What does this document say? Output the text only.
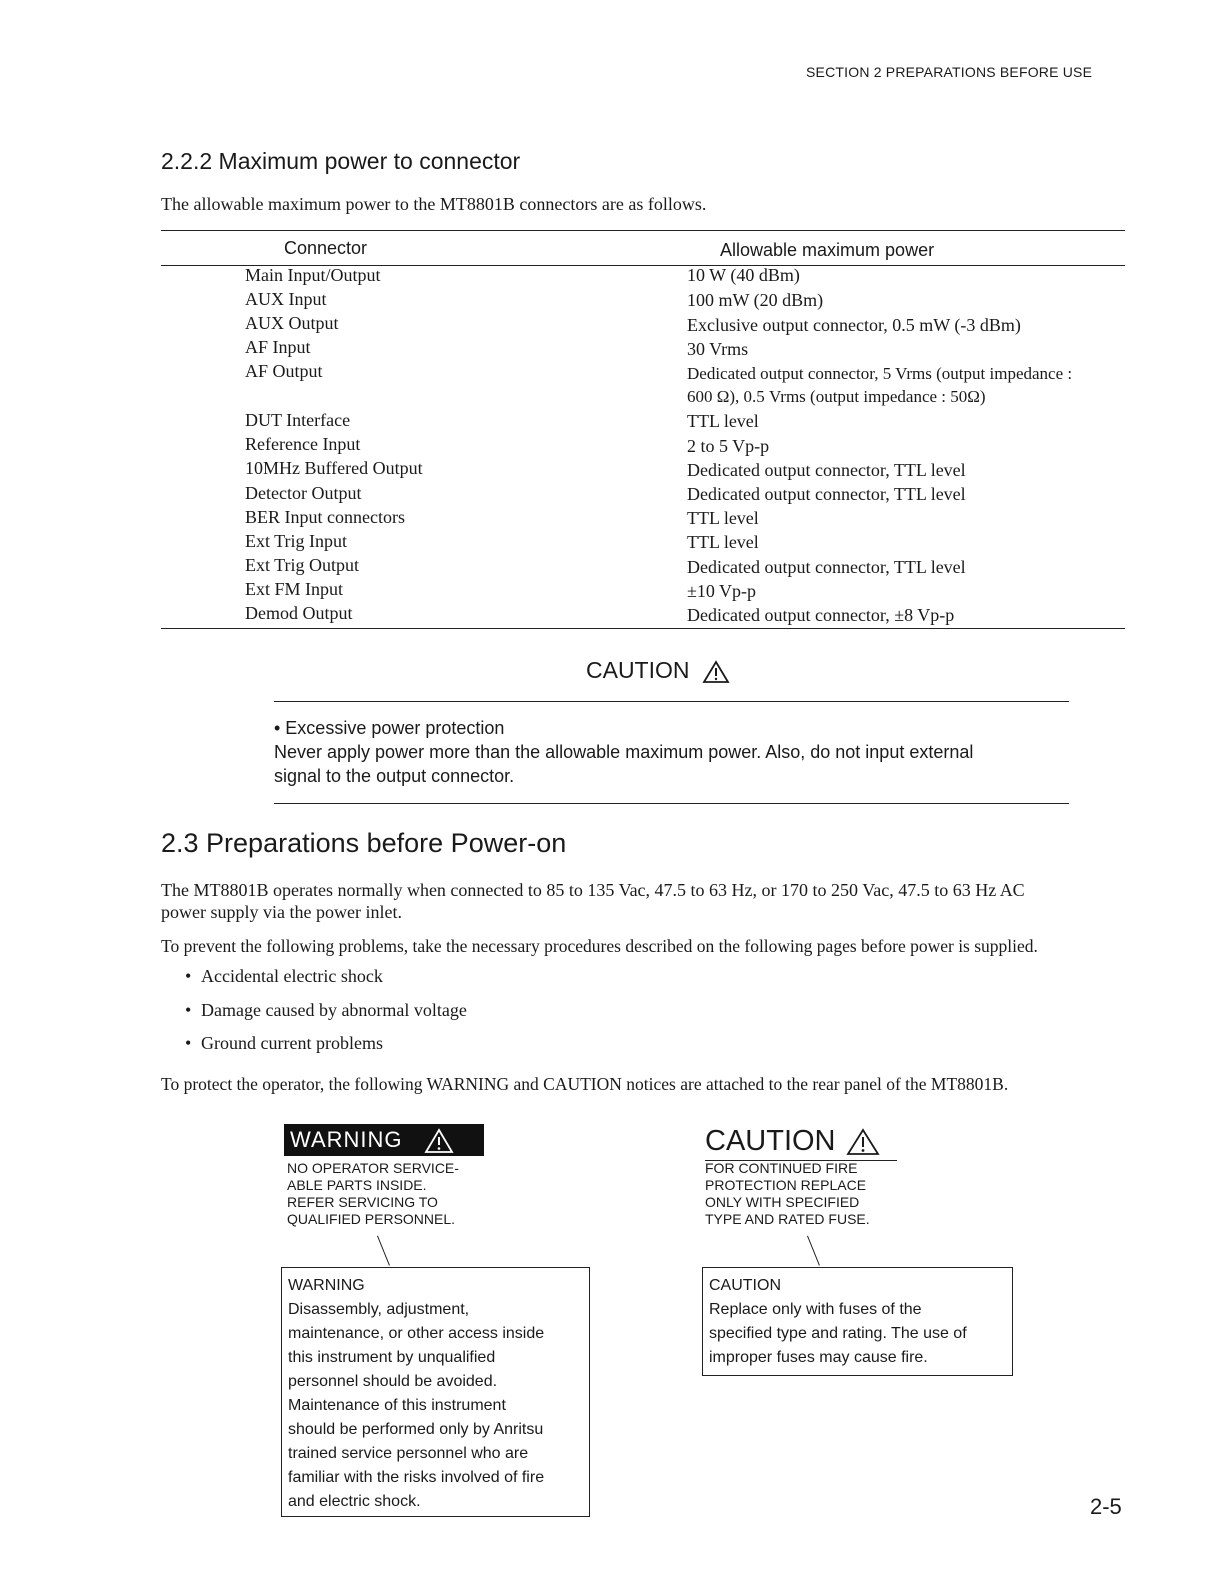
SECTION 2 PREPARATIONS BEFORE USE
2.2.2 Maximum power to connector
The allowable maximum power to the MT8801B connectors are as follows.
Connector	Allowable maximum power
Main Input/Output	10 W (40 dBm)
AUX Input	100 mW (20 dBm)
AUX Output	Exclusive output connector, 0.5 mW (-3 dBm)
AF Input	30 Vrms
AF Output	Dedicated output connector, 5 Vrms (output impedance :
600 Ω), 0.5 Vrms (output impedance : 50Ω)
DUT Interface	TTL level
Reference Input	2 to 5 Vp-p
10MHz Buffered Output	Dedicated output connector, TTL level
Detector Output	Dedicated output connector, TTL level
BER Input connectors	TTL level
Ext Trig Input	TTL level
Ext Trig Output	Dedicated output connector, TTL level
Ext FM Input	±10 Vp-p
Demod Output	Dedicated output connector, ±8 Vp-p
CAUTION
• Excessive power protection
Never apply power more than the allowable maximum power. Also, do not input external
signal to the output connector.
2.3 Preparations before Power-on
The MT8801B operates normally when connected to 85 to 135 Vac, 47.5 to 63 Hz, or 170 to 250 Vac, 47.5 to 63 Hz AC
power supply via the power inlet.
To prevent the following problems, take the necessary procedures described on the following pages before power is supplied.
• Accidental electric shock
• Damage caused by abnormal voltage
• Ground current problems
To protect the operator, the following WARNING and CAUTION notices are attached to the rear panel of the MT8801B.
WARNING
NO OPERATOR SERVICE-
ABLE PARTS INSIDE.
REFER SERVICING TO
QUALIFIED PERSONNEL.
WARNING
Disassembly, adjustment,
maintenance, or other access inside
this instrument by unqualified
personnel should be avoided.
Maintenance of this instrument
should be performed only by Anritsu
trained service personnel who are
familiar with the risks involved of fire
and electric shock.
CAUTION
FOR CONTINUED FIRE
PROTECTION REPLACE
ONLY WITH SPECIFIED
TYPE AND RATED FUSE.
CAUTION
Replace only with fuses of the
specified type and rating. The use of
improper fuses may cause fire.
2-5
